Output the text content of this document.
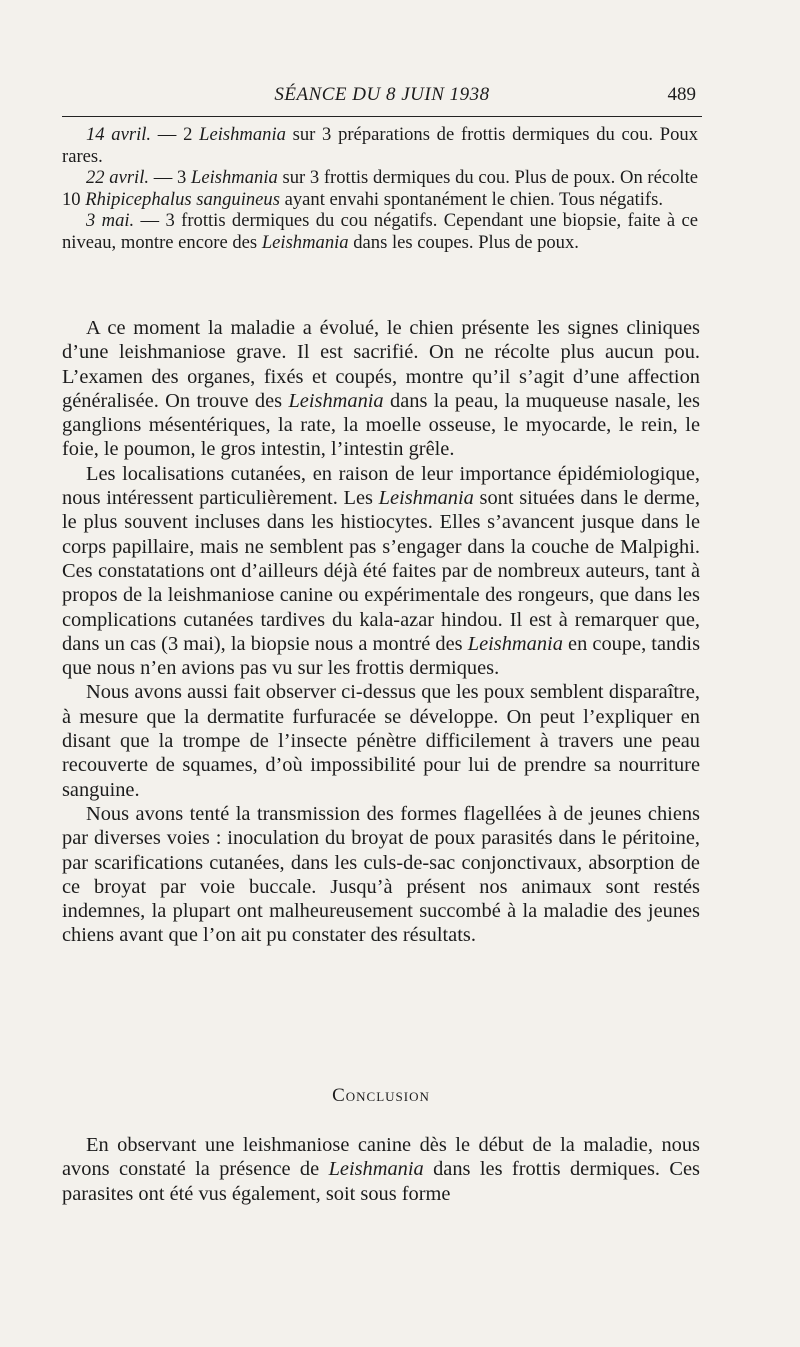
SÉANCE DU 8 JUIN 1938	489

14 avril. — 2 Leishmania sur 3 préparations de frottis dermiques du cou. Poux rares.

22 avril. — 3 Leishmania sur 3 frottis dermiques du cou. Plus de poux. On récolte 10 Rhipicephalus sanguineus ayant envahi spontanément le chien. Tous négatifs.

3 mai. — 3 frottis dermiques du cou négatifs. Cependant une biopsie, faite à ce niveau, montre encore des Leishmania dans les coupes. Plus de poux.

A ce moment la maladie a évolué, le chien présente les signes cliniques d’une leishmaniose grave. Il est sacrifié. On ne récolte plus aucun pou. L’examen des organes, fixés et coupés, montre qu’il s’agit d’une affection généralisée. On trouve des Leishmania dans la peau, la muqueuse nasale, les ganglions mésentériques, la rate, la moelle osseuse, le myocarde, le rein, le foie, le poumon, le gros intestin, l’intestin grêle.

Les localisations cutanées, en raison de leur importance épidémiologique, nous intéressent particulièrement. Les Leishmania sont situées dans le derme, le plus souvent incluses dans les histiocytes. Elles s’avancent jusque dans le corps papillaire, mais ne semblent pas s’engager dans la couche de Malpighi. Ces constatations ont d’ailleurs déjà été faites par de nombreux auteurs, tant à propos de la leishmaniose canine ou expérimentale des rongeurs, que dans les complications cutanées tardives du kala-azar hindou. Il est à remarquer que, dans un cas (3 mai), la biopsie nous a montré des Leishmania en coupe, tandis que nous n’en avions pas vu sur les frottis dermiques.

Nous avons aussi fait observer ci-dessus que les poux semblent disparaître, à mesure que la dermatite furfuracée se développe. On peut l’expliquer en disant que la trompe de l’insecte pénètre difficilement à travers une peau recouverte de squames, d’où impossibilité pour lui de prendre sa nourriture sanguine.

Nous avons tenté la transmission des formes flagellées à de jeunes chiens par diverses voies : inoculation du broyat de poux parasités dans le péritoine, par scarifications cutanées, dans les culs-de-sac conjonctivaux, absorption de ce broyat par voie buccale. Jusqu’à présent nos animaux sont restés indemnes, la plupart ont malheureusement succombé à la maladie des jeunes chiens avant que l’on ait pu constater des résultats.

Conclusion

En observant une leishmaniose canine dès le début de la maladie, nous avons constaté la présence de Leishmania dans les frottis dermiques. Ces parasites ont été vus également, soit sous forme
